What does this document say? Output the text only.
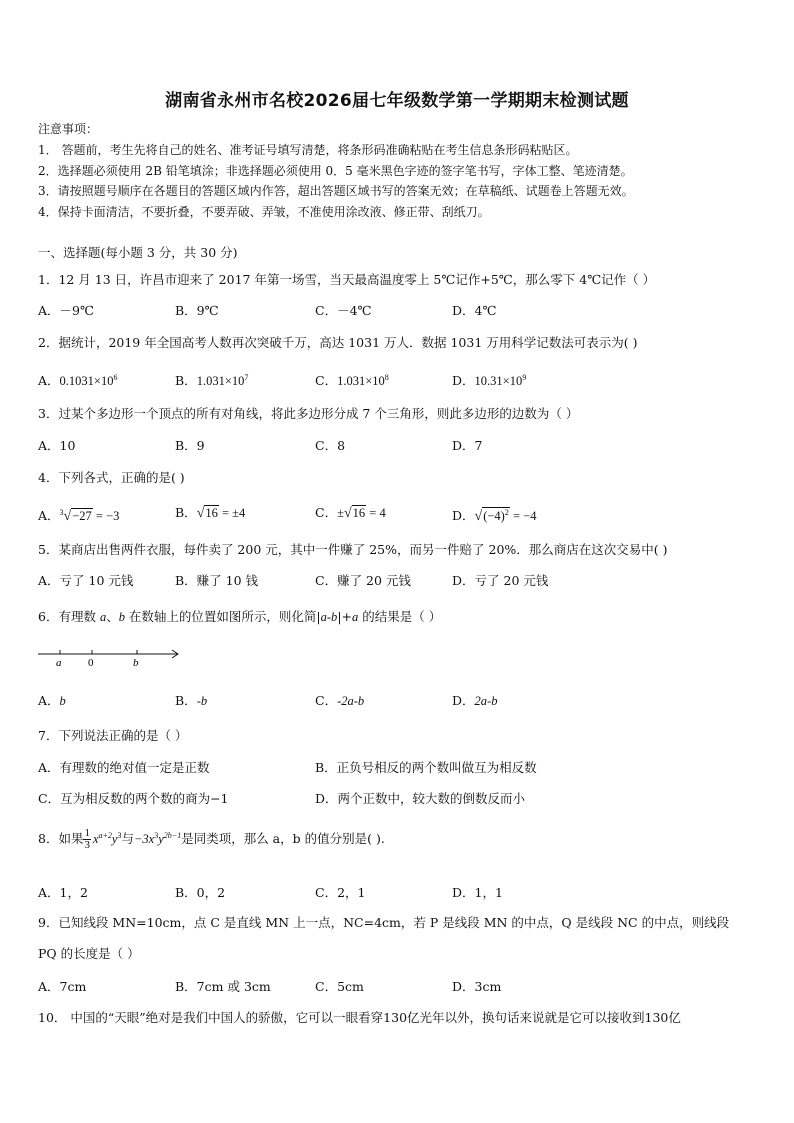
湖南省永州市名校2026届七年级数学第一学期期末检测试题
注意事项：
1． 答题前，考生先将自己的姓名、准考证号填写清楚，将条形码准确粘贴在考生信息条形码粘贴区。
2．选择题必须使用 2B 铅笔填涂；非选择题必须使用 0．5 毫米黑色字迹的签字笔书写，字体工整、笔迹清楚。
3．请按照题号顺序在各题目的答题区域内作答，超出答题区域书写的答案无效；在草稿纸、试题卷上答题无效。
4．保持卡面清洁，不要折叠，不要弄破、弄皱，不准使用涂改液、修正带、刮纸刀。
一、选择题(每小题 3 分，共 30 分)
1．12 月 13 日，许昌市迎来了 2017 年第一场雪，当天最高温度零上 5℃记作+5℃，那么零下 4℃记作（ ）
A．－9℃	B．9℃	C．－4℃	D．4℃
2．据统计，2019 年全国高考人数再次突破千万，高达 1031 万人．数据 1031 万用科学记数法可表示为( )
A．$0.1031\times 10^6$	B．$1.031\times 10^7$	C．$1.031\times 10^8$	D．$10.31\times 10^9$
3．过某个多边形一个顶点的所有对角线，将此多边形分成 7 个三角形，则此多边形的边数为（ ）
A．10	B．9	C．8	D．7
4．下列各式，正确的是( )
A．$^3$√−27 = −3	B．√16 = ±4	C．±√16 = 4	D．$√(-4)^2 = -4$
5．某商店出售两件衣服，每件卖了 200 元，其中一件赚了 25%，而另一件赔了 20%．那么商店在这次交易中( )
A．亏了 10 元钱	B．赚了 10 钱	C．赚了 20 元钱	D．亏了 20 元钱
6．有理数 a、b 在数轴上的位置如图所示，则化简|a-b|+a 的结果是（ ）
a 0	b
A．b	B．-b	C．-2a-b	D．2a-b
7．下列说法正确的是（ ）
A．有理数的绝对值一定是正数	B．正负号相反的两个数叫做互为相反数
C．互为相反数的两个数的商为−1	D．两个正数中，较大数的倒数反而小
8．如果 $\frac{1}{3} x^{a+2}y^3$与$-3x^3y^{2b-1}$是同类项，那么 a，b 的值分别是( ).
A．1，2	B．0，2	C．2，1	D．1，1
9．已知线段 MN=10cm，点 C 是直线 MN 上一点，NC=4cm，若 P 是线段 MN 的中点，Q 是线段 NC 的中点，则线段
PQ 的长度是（ ）
A．7cm	B．7cm 或 3cm	C．5cm	D．3cm
10． 中国的“天眼”绝对是我们中国人的骄傲，它可以一眼看穿130亿光年以外，换句话来说就是它可以接收到130亿
